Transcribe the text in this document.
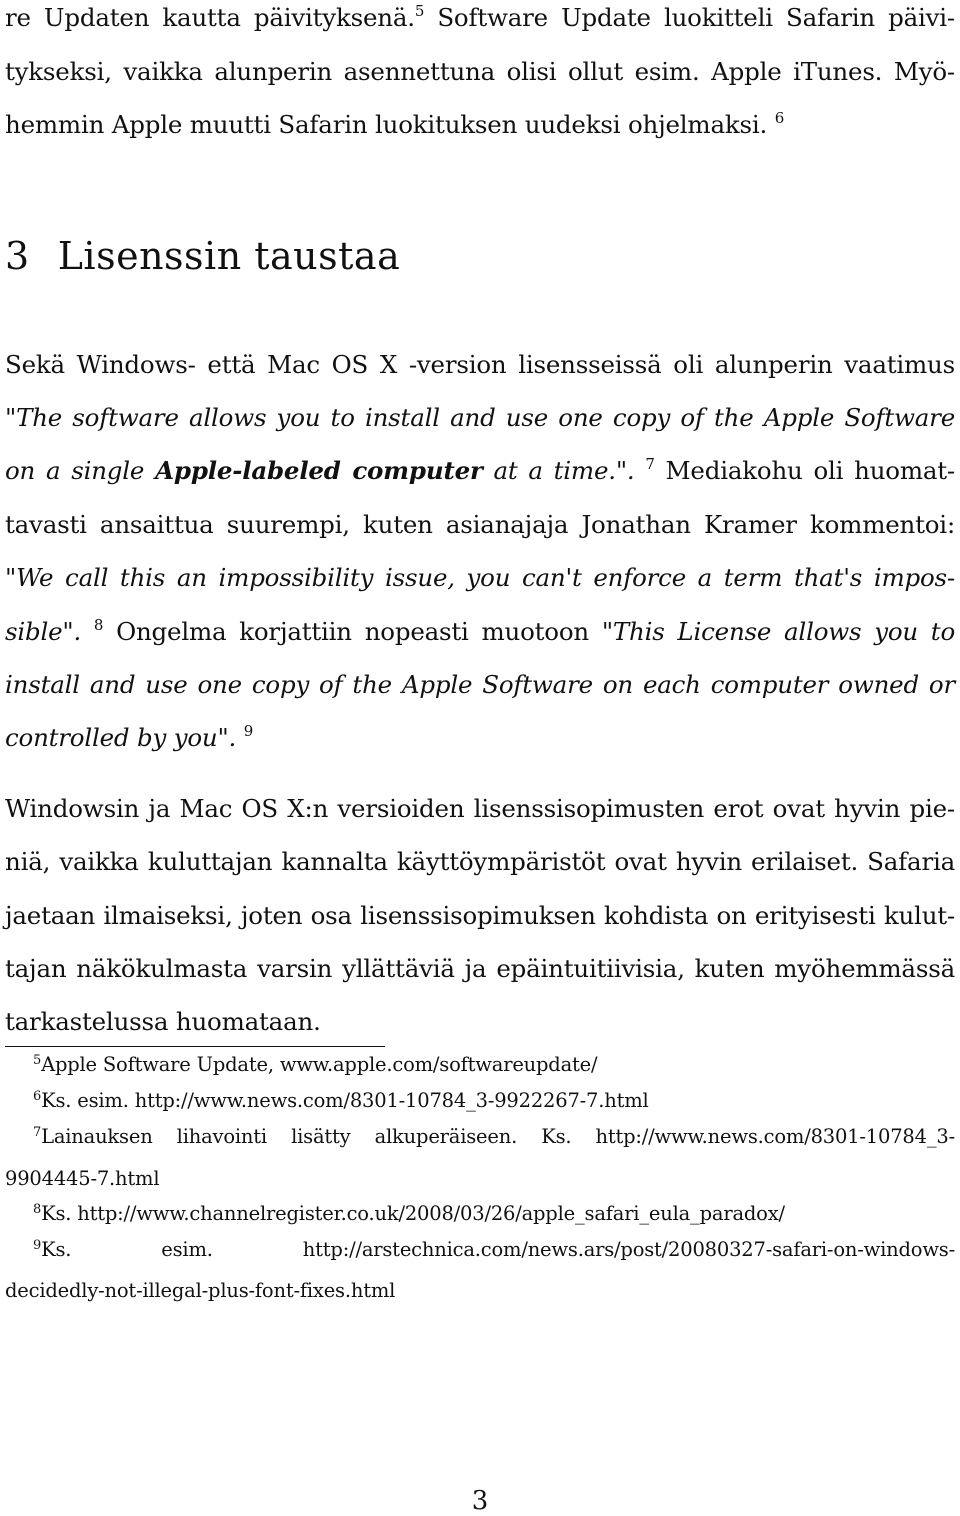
re Updaten kautta päivityksenä.$^5$ Software Update luokitteli Safarin päivi-
tykseksi, vaikka alunperin asennettuna olisi ollut esim. Apple iTunes. Myö-
hemmin Apple muutti Safarin luokituksen uudeksi ohjelmaksi. $^6$
3 Lisenssin taustaa
Sekä Windows- että Mac OS X -version lisensseissä oli alunperin vaatimus
"The software allows you to install and use one copy of the Apple Software
on a single Apple-labeled computer at a time.". $^7$ Mediakohu oli huomat-
tavasti ansaittua suurempi, kuten asianajaja Jonathan Kramer kommentoi:
"We call this an impossibility issue, you can't enforce a term that's impos-
sible". $^8$ Ongelma korjattiin nopeasti muotoon "This License allows you to
install and use one copy of the Apple Software on each computer owned or
controlled by you". $^9$
Windowsin ja Mac OS X:n versioiden lisenssisopimusten erot ovat hyvin pie-
niä, vaikka kuluttajan kannalta käyttöympäristöt ovat hyvin erilaiset. Safaria
jaetaan ilmaiseksi, joten osa lisenssisopimuksen kohdista on erityisesti kulut-
tajan näkökulmasta varsin yllättäviä ja epäintuitiivisia, kuten myöhemmässä
tarkastelussa huomataan.
$^5$Apple Software Update, www.apple.com/softwareupdate/
$^6$Ks. esim. http://www.news.com/8301-10784_3-9922267-7.html
$^7$Lainauksen lihavointi lisätty alkuperäiseen. Ks. http://www.news.com/8301-10784_3-
9904445-7.html
$^8$Ks. http://www.channelregister.co.uk/2008/03/26/apple_safari_eula_paradox/
$^9$Ks.      esim.      http://arstechnica.com/news.ars/post/20080327-safari-on-windows-
decidedly-not-illegal-plus-font-fixes.html
3
